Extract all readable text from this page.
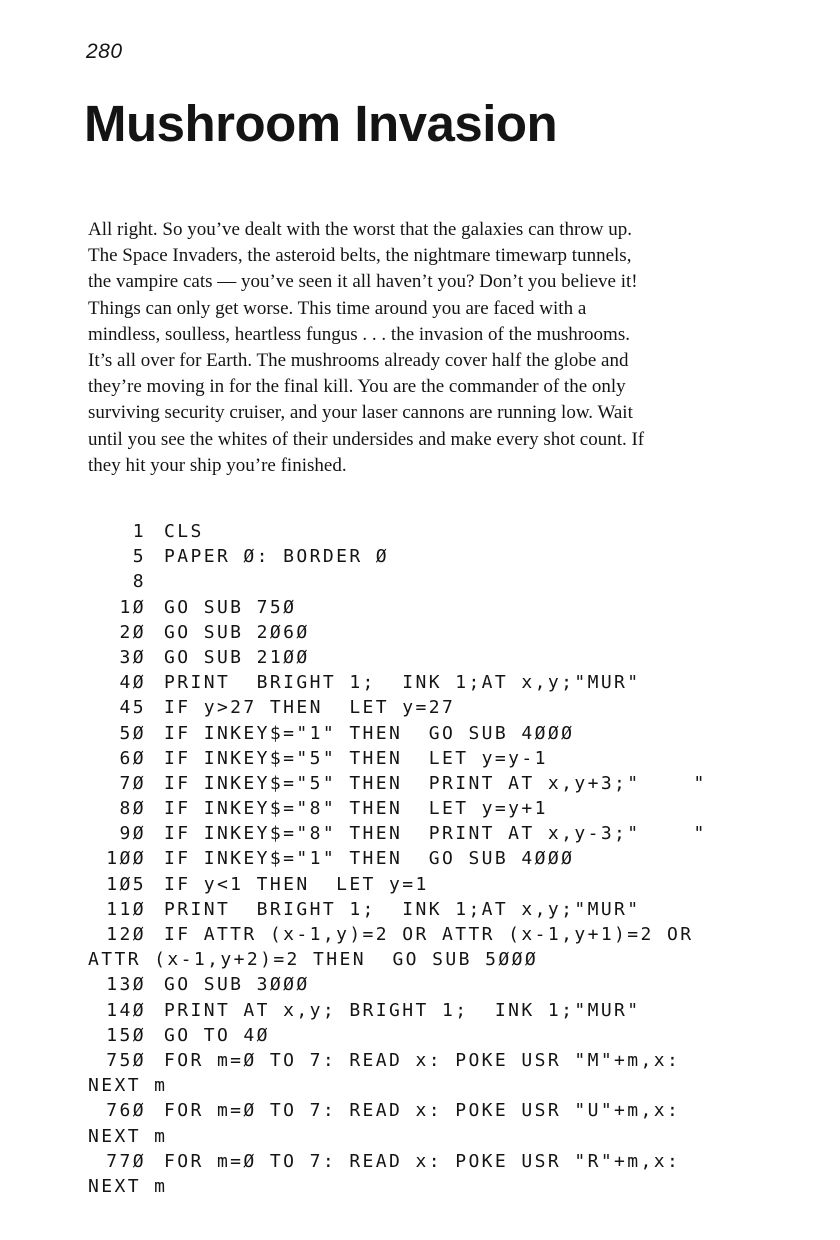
280
Mushroom Invasion
All right. So you’ve dealt with the worst that the galaxies can throw up.
The Space Invaders, the asteroid belts, the nightmare timewarp tunnels,
the vampire cats — you’ve seen it all haven’t you? Don’t you believe it!
Things can only get worse. This time around you are faced with a
mindless, soulless, heartless fungus . . . the invasion of the mushrooms.
It’s all over for Earth. The mushrooms already cover half the globe and
they’re moving in for the final kill. You are the commander of the only
surviving security cruiser, and your laser cannons are running low. Wait
until you see the whites of their undersides and make every shot count. If
they hit your ship you’re finished.
1 CLS
5 PAPER Ø: BORDER Ø
8
1Ø GO SUB 75Ø
2Ø GO SUB 2Ø6Ø
3Ø GO SUB 21ØØ
4Ø PRINT  BRIGHT 1;  INK 1;AT x,y;"MUR"
45 IF y>27 THEN  LET y=27
5Ø IF INKEY$="1" THEN  GO SUB 4ØØØ
6Ø IF INKEY$="5" THEN  LET y=y-1
7Ø IF INKEY$="5" THEN  PRINT AT x,y+3;"    "
8Ø IF INKEY$="8" THEN  LET y=y+1
9Ø IF INKEY$="8" THEN  PRINT AT x,y-3;"    "
1ØØ IF INKEY$="1" THEN  GO SUB 4ØØØ
1Ø5 IF y<1 THEN  LET y=1
11Ø PRINT  BRIGHT 1;  INK 1;AT x,y;"MUR"
12Ø IF ATTR (x-1,y)=2 OR ATTR (x-1,y+1)=2 OR
ATTR (x-1,y+2)=2 THEN  GO SUB 5ØØØ
13Ø GO SUB 3ØØØ
14Ø PRINT AT x,y; BRIGHT 1;  INK 1;"MUR"
15Ø GO TO 4Ø
75Ø FOR m=Ø TO 7: READ x: POKE USR "M"+m,x:
NEXT m
76Ø FOR m=Ø TO 7: READ x: POKE USR "U"+m,x:
NEXT m
77Ø FOR m=Ø TO 7: READ x: POKE USR "R"+m,x:
NEXT m
